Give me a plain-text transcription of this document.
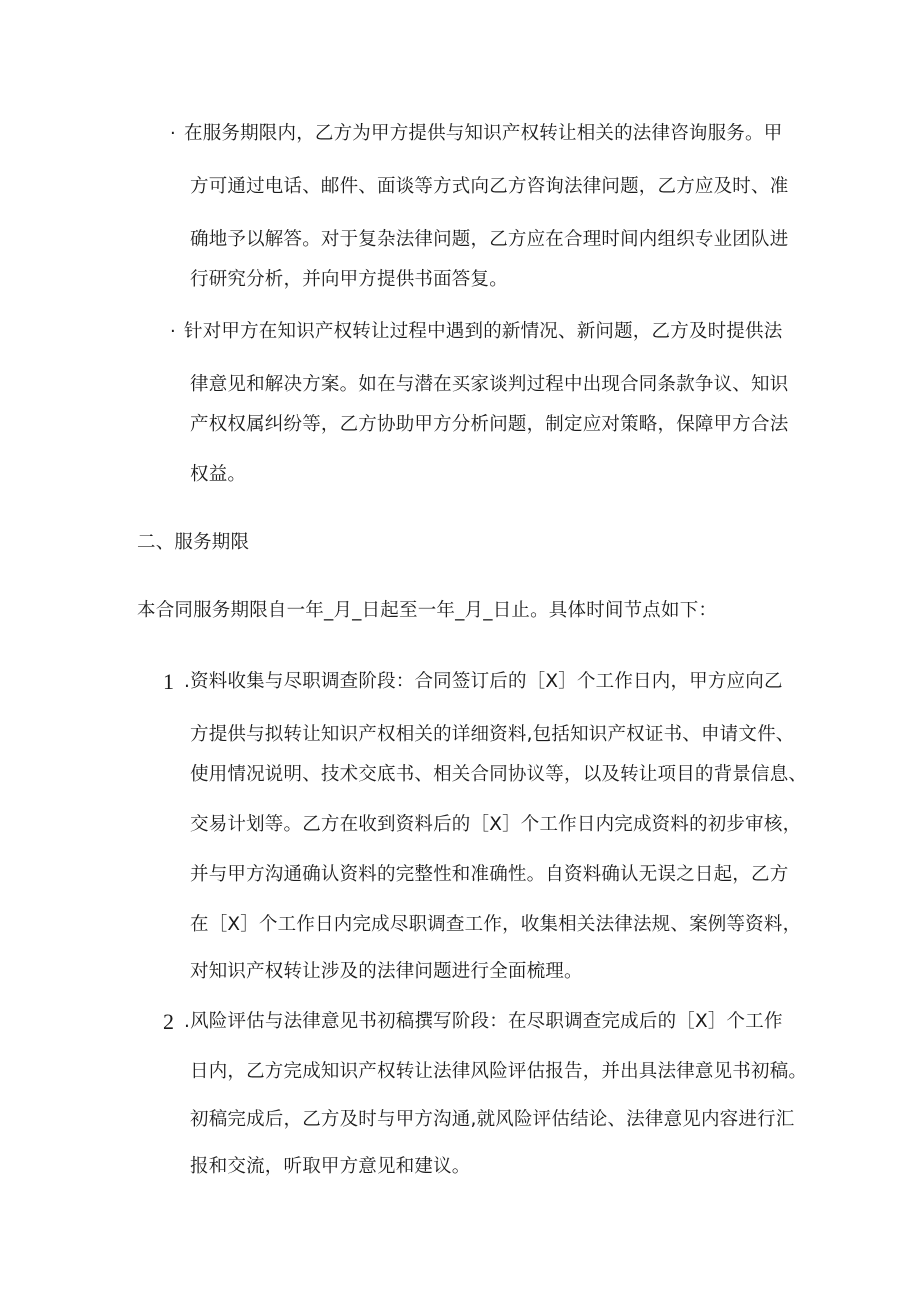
· 在服务期限内，乙方为甲方提供与知识产权转让相关的法律咨询服务。甲
方可通过电话、邮件、面谈等方式向乙方咨询法律问题，乙方应及时、准
确地予以解答。对于复杂法律问题，乙方应在合理时间内组织专业团队进
行研究分析，并向甲方提供书面答复。
· 针对甲方在知识产权转让过程中遇到的新情况、新问题，乙方及时提供法
律意见和解决方案。如在与潜在买家谈判过程中出现合同条款争议、知识
产权权属纠纷等，乙方协助甲方分析问题，制定应对策略，保障甲方合法
权益。
二、服务期限
本合同服务期限自一年_月_日起至一年_月_日止。具体时间节点如下：
1 .资料收集与尽职调查阶段：合同签订后的［X］个工作日内，甲方应向乙
方提供与拟转让知识产权相关的详细资料,包括知识产权证书、申请文件、
使用情况说明、技术交底书、相关合同协议等，以及转让项目的背景信息、
交易计划等。乙方在收到资料后的［X］个工作日内完成资料的初步审核，
并与甲方沟通确认资料的完整性和准确性。自资料确认无误之日起，乙方
在［X］个工作日内完成尽职调查工作，收集相关法律法规、案例等资料，
对知识产权转让涉及的法律问题进行全面梳理。
2 .风险评估与法律意见书初稿撰写阶段：在尽职调查完成后的［X］个工作
日内，乙方完成知识产权转让法律风险评估报告，并出具法律意见书初稿。
初稿完成后，乙方及时与甲方沟通,就风险评估结论、法律意见内容进行汇
报和交流，听取甲方意见和建议。
